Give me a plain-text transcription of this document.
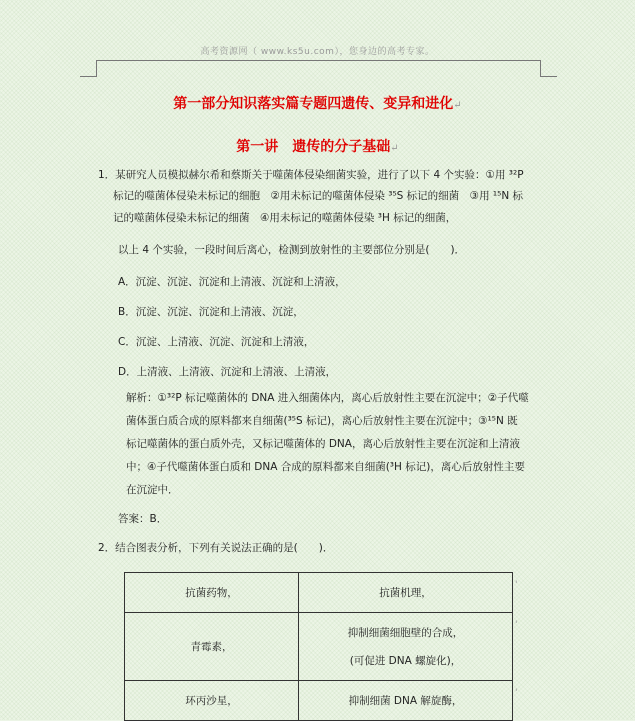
高考资源网（ www.ks5u.com），您身边的高考专家。
第一部分知识落实篇专题四遗传、变异和进化↵
第一讲　遗传的分子基础↵
1．某研究人员模拟赫尔希和蔡斯关于噬菌体侵染细菌实验，进行了以下 4 个实验：①用 ³²P
标记的噬菌体侵染未标记的细胞　②用未标记的噬菌体侵染 ³⁵S 标记的细菌　③用 ¹⁵N 标
记的噬菌体侵染未标记的细菌　④用未标记的噬菌体侵染 ³H 标记的细菌，
以上 4 个实验，一段时间后离心，检测到放射性的主要部位分别是(　　)．
A．沉淀、沉淀、沉淀和上清液、沉淀和上清液，
B．沉淀、沉淀、沉淀和上清液、沉淀，
C．沉淀、上清液、沉淀、沉淀和上清液，
D．上清液、上清液、沉淀和上清液、上清液，
解析：①³²P 标记噬菌体的 DNA 进入细菌体内，离心后放射性主要在沉淀中；②子代噬
菌体蛋白质合成的原料都来自细菌(³⁵S 标记)，离心后放射性主要在沉淀中；③¹⁵N 既
标记噬菌体的蛋白质外壳，又标记噬菌体的 DNA，离心后放射性主要在沉淀和上清液
中；④子代噬菌体蛋白质和 DNA 合成的原料都来自细菌(³H 标记)，离心后放射性主要
在沉淀中．
答案：B．
2．结合图表分析，下列有关说法正确的是(　　)．
抗菌药物，	抗菌机理，
青霉素，	抑制细菌细胞壁的合成，
(可促进 DNA 螺旋化)，

环丙沙星，	抑制细菌 DNA 解旋酶，
'
'
'
